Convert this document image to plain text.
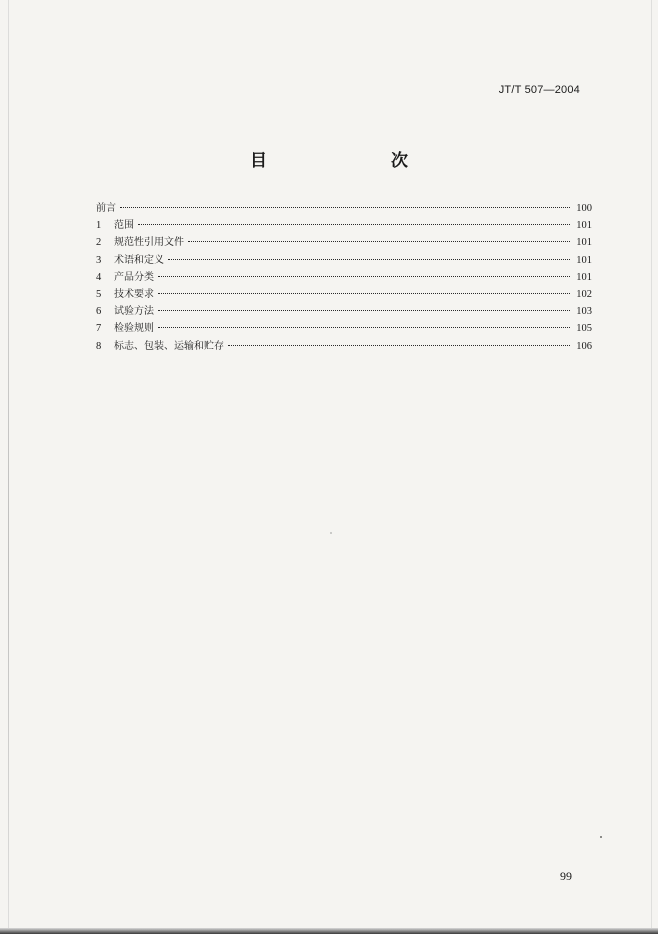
JT/T 507—2004
目　　次
前言	100
1	范围	101
2	规范性引用文件	101
3	术语和定义	101
4	产品分类	101
5	技术要求	102
6	试验方法	103
7	检验规则	105
8	标志、包装、运输和贮存	106
99
